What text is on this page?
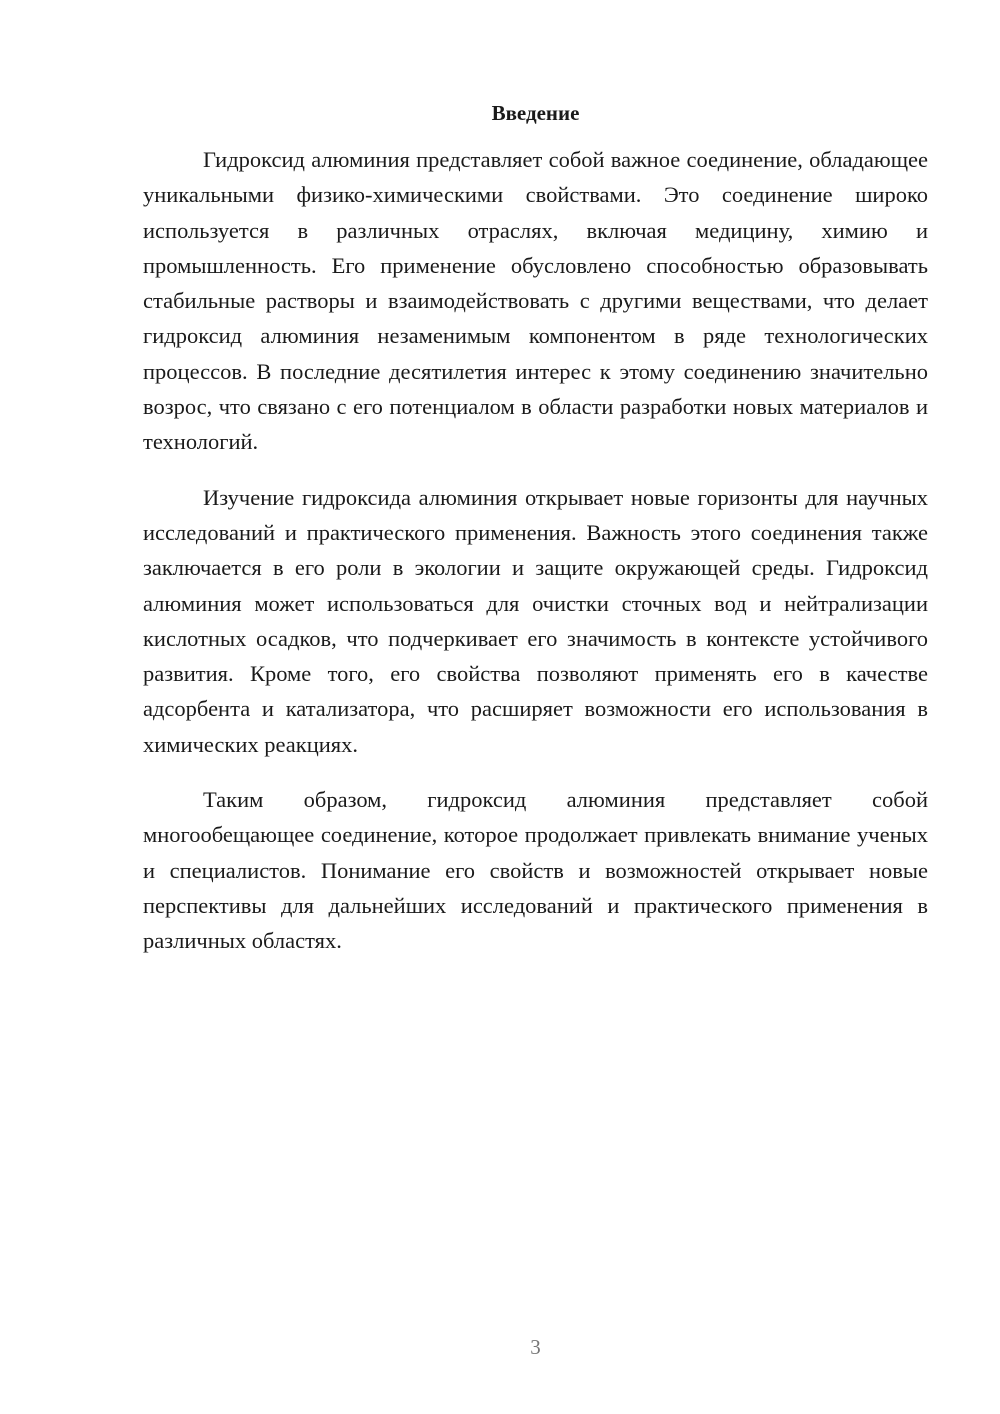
Введение

Гидроксид алюминия представляет собой важное соединение, обладающее уникальными физико-химическими свойствами. Это соединение широко используется в различных отраслях, включая медицину, химию и промышленность. Его применение обусловлено способностью образовывать стабильные растворы и взаимодействовать с другими веществами, что делает гидроксид алюминия незаменимым компонентом в ряде технологических процессов. В последние десятилетия интерес к этому соединению значительно возрос, что связано с его потенциалом в области разработки новых материалов и технологий.

Изучение гидроксида алюминия открывает новые горизонты для научных исследований и практического применения. Важность этого соединения также заключается в его роли в экологии и защите окружающей среды. Гидроксид алюминия может использоваться для очистки сточных вод и нейтрализации кислотных осадков, что подчеркивает его значимость в контексте устойчивого развития. Кроме того, его свойства позволяют применять его в качестве адсорбента и катализатора, что расширяет возможности его использования в химических реакциях.

Таким образом, гидроксид алюминия представляет собой многообещающее соединение, которое продолжает привлекать внимание ученых и специалистов. Понимание его свойств и возможностей открывает новые перспективы для дальнейших исследований и практического применения в различных областях.

3
